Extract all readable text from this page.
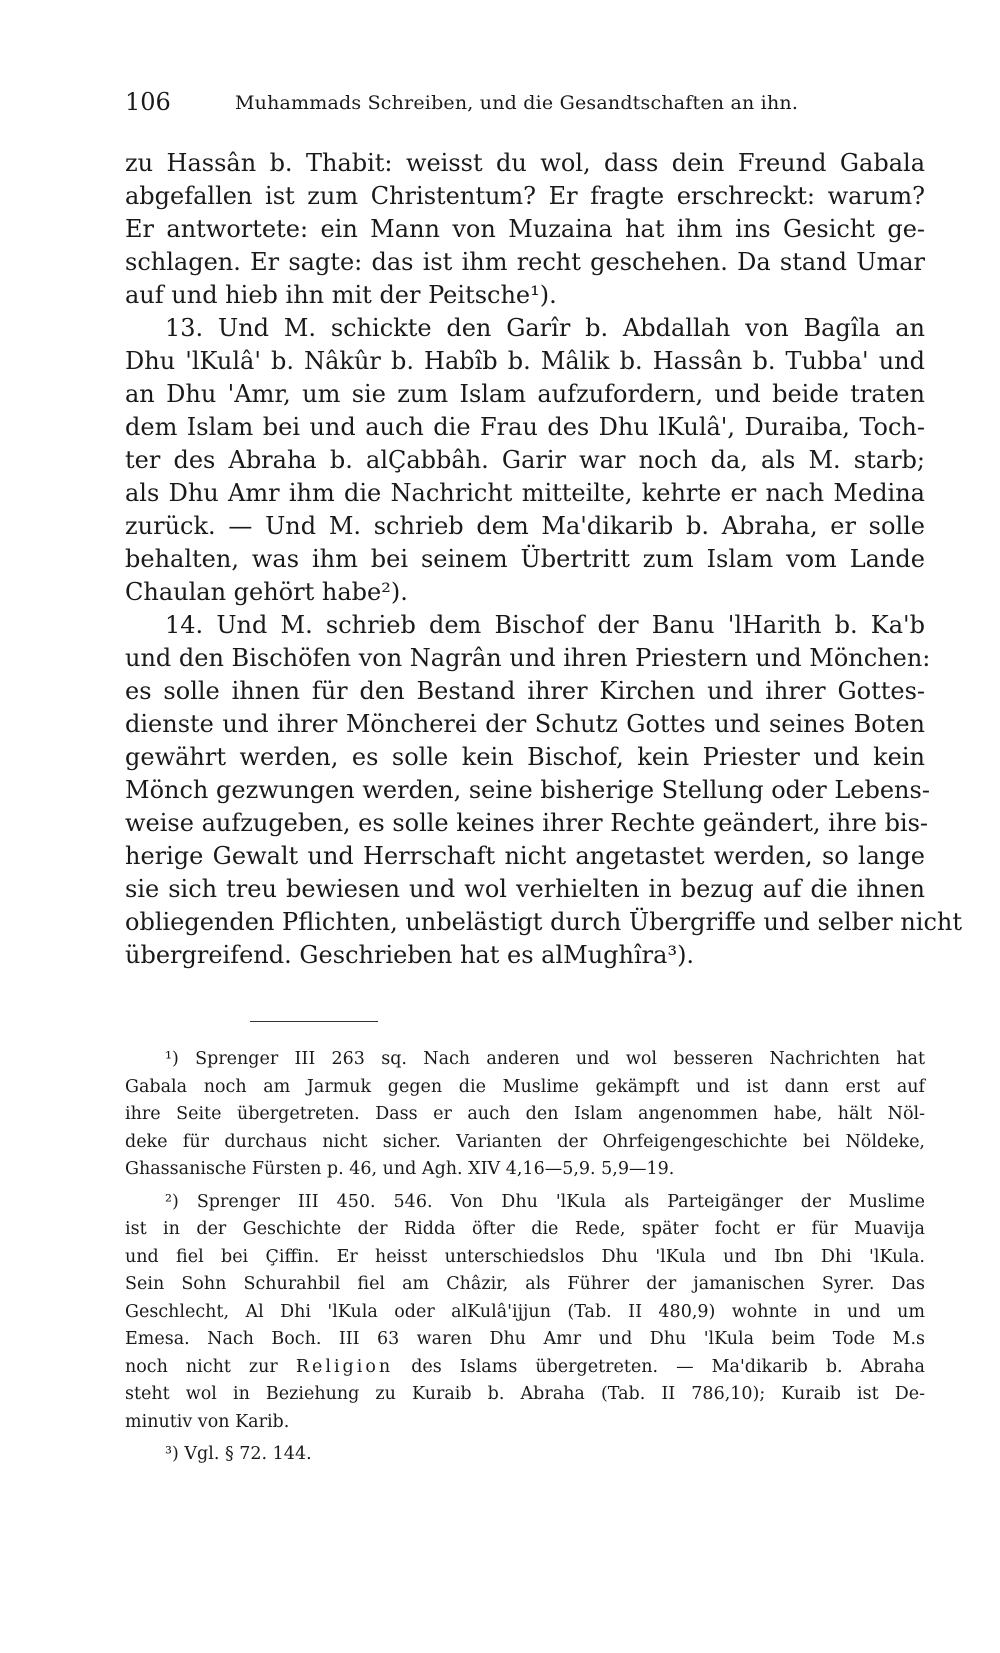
106	Muhammads Schreiben, und die Gesandtschaften an ihn.
zu Hassân b. Thabit: weisst du wol, dass dein Freund Gabala
abgefallen ist zum Christentum? Er fragte erschreckt: warum?
Er antwortete: ein Mann von Muzaina hat ihm ins Gesicht ge-
schlagen. Er sagte: das ist ihm recht geschehen. Da stand Umar
auf und hieb ihn mit der Peitsche¹).
13. Und M. schickte den Garîr b. Abdallah von Bagîla an
Dhu 'lKulâ' b. Nâkûr b. Habîb b. Mâlik b. Hassân b. Tubba' und
an Dhu 'Amr, um sie zum Islam aufzufordern, und beide traten
dem Islam bei und auch die Frau des Dhu lKulâ', Duraiba, Toch-
ter des Abraha b. alÇabbâh. Garir war noch da, als M. starb;
als Dhu Amr ihm die Nachricht mitteilte, kehrte er nach Medina
zurück. — Und M. schrieb dem Ma'dikarib b. Abraha, er solle
behalten, was ihm bei seinem Übertritt zum Islam vom Lande
Chaulan gehört habe²).
14. Und M. schrieb dem Bischof der Banu 'lHarith b. Ka'b
und den Bischöfen von Nagrân und ihren Priestern und Mönchen:
es solle ihnen für den Bestand ihrer Kirchen und ihrer Gottes-
dienste und ihrer Möncherei der Schutz Gottes und seines Boten
gewährt werden, es solle kein Bischof, kein Priester und kein
Mönch gezwungen werden, seine bisherige Stellung oder Lebens-
weise aufzugeben, es solle keines ihrer Rechte geändert, ihre bis-
herige Gewalt und Herrschaft nicht angetastet werden, so lange
sie sich treu bewiesen und wol verhielten in bezug auf die ihnen
obliegenden Pflichten, unbelästigt durch Übergriffe und selber nicht
übergreifend. Geschrieben hat es alMughîra³).
¹) Sprenger III 263 sq. Nach anderen und wol besseren Nachrichten hat
Gabala noch am Jarmuk gegen die Muslime gekämpft und ist dann erst auf
ihre Seite übergetreten. Dass er auch den Islam angenommen habe, hält Nöl-
deke für durchaus nicht sicher. Varianten der Ohrfeigengeschichte bei Nöldeke,
Ghassanische Fürsten p. 46, und Agh. XIV 4,16—5,9. 5,9—19.
²) Sprenger III 450. 546. Von Dhu 'lKula als Parteigänger der Muslime
ist in der Geschichte der Ridda öfter die Rede, später focht er für Muavija
und fiel bei Çiffin. Er heisst unterschiedslos Dhu 'lKula und Ibn Dhi 'lKula.
Sein Sohn Schurahbil fiel am Châzir, als Führer der jamanischen Syrer. Das
Geschlecht, Al Dhi 'lKula oder alKulâ'ijjun (Tab. II 480,9) wohnte in und um
Emesa. Nach Boch. III 63 waren Dhu Amr und Dhu 'lKula beim Tode M.s
noch nicht zur Religion des Islams übergetreten. — Ma'dikarib b. Abraha
steht wol in Beziehung zu Kuraib b. Abraha (Tab. II 786,10); Kuraib ist De-
minutiv von Karib.
³) Vgl. § 72. 144.
